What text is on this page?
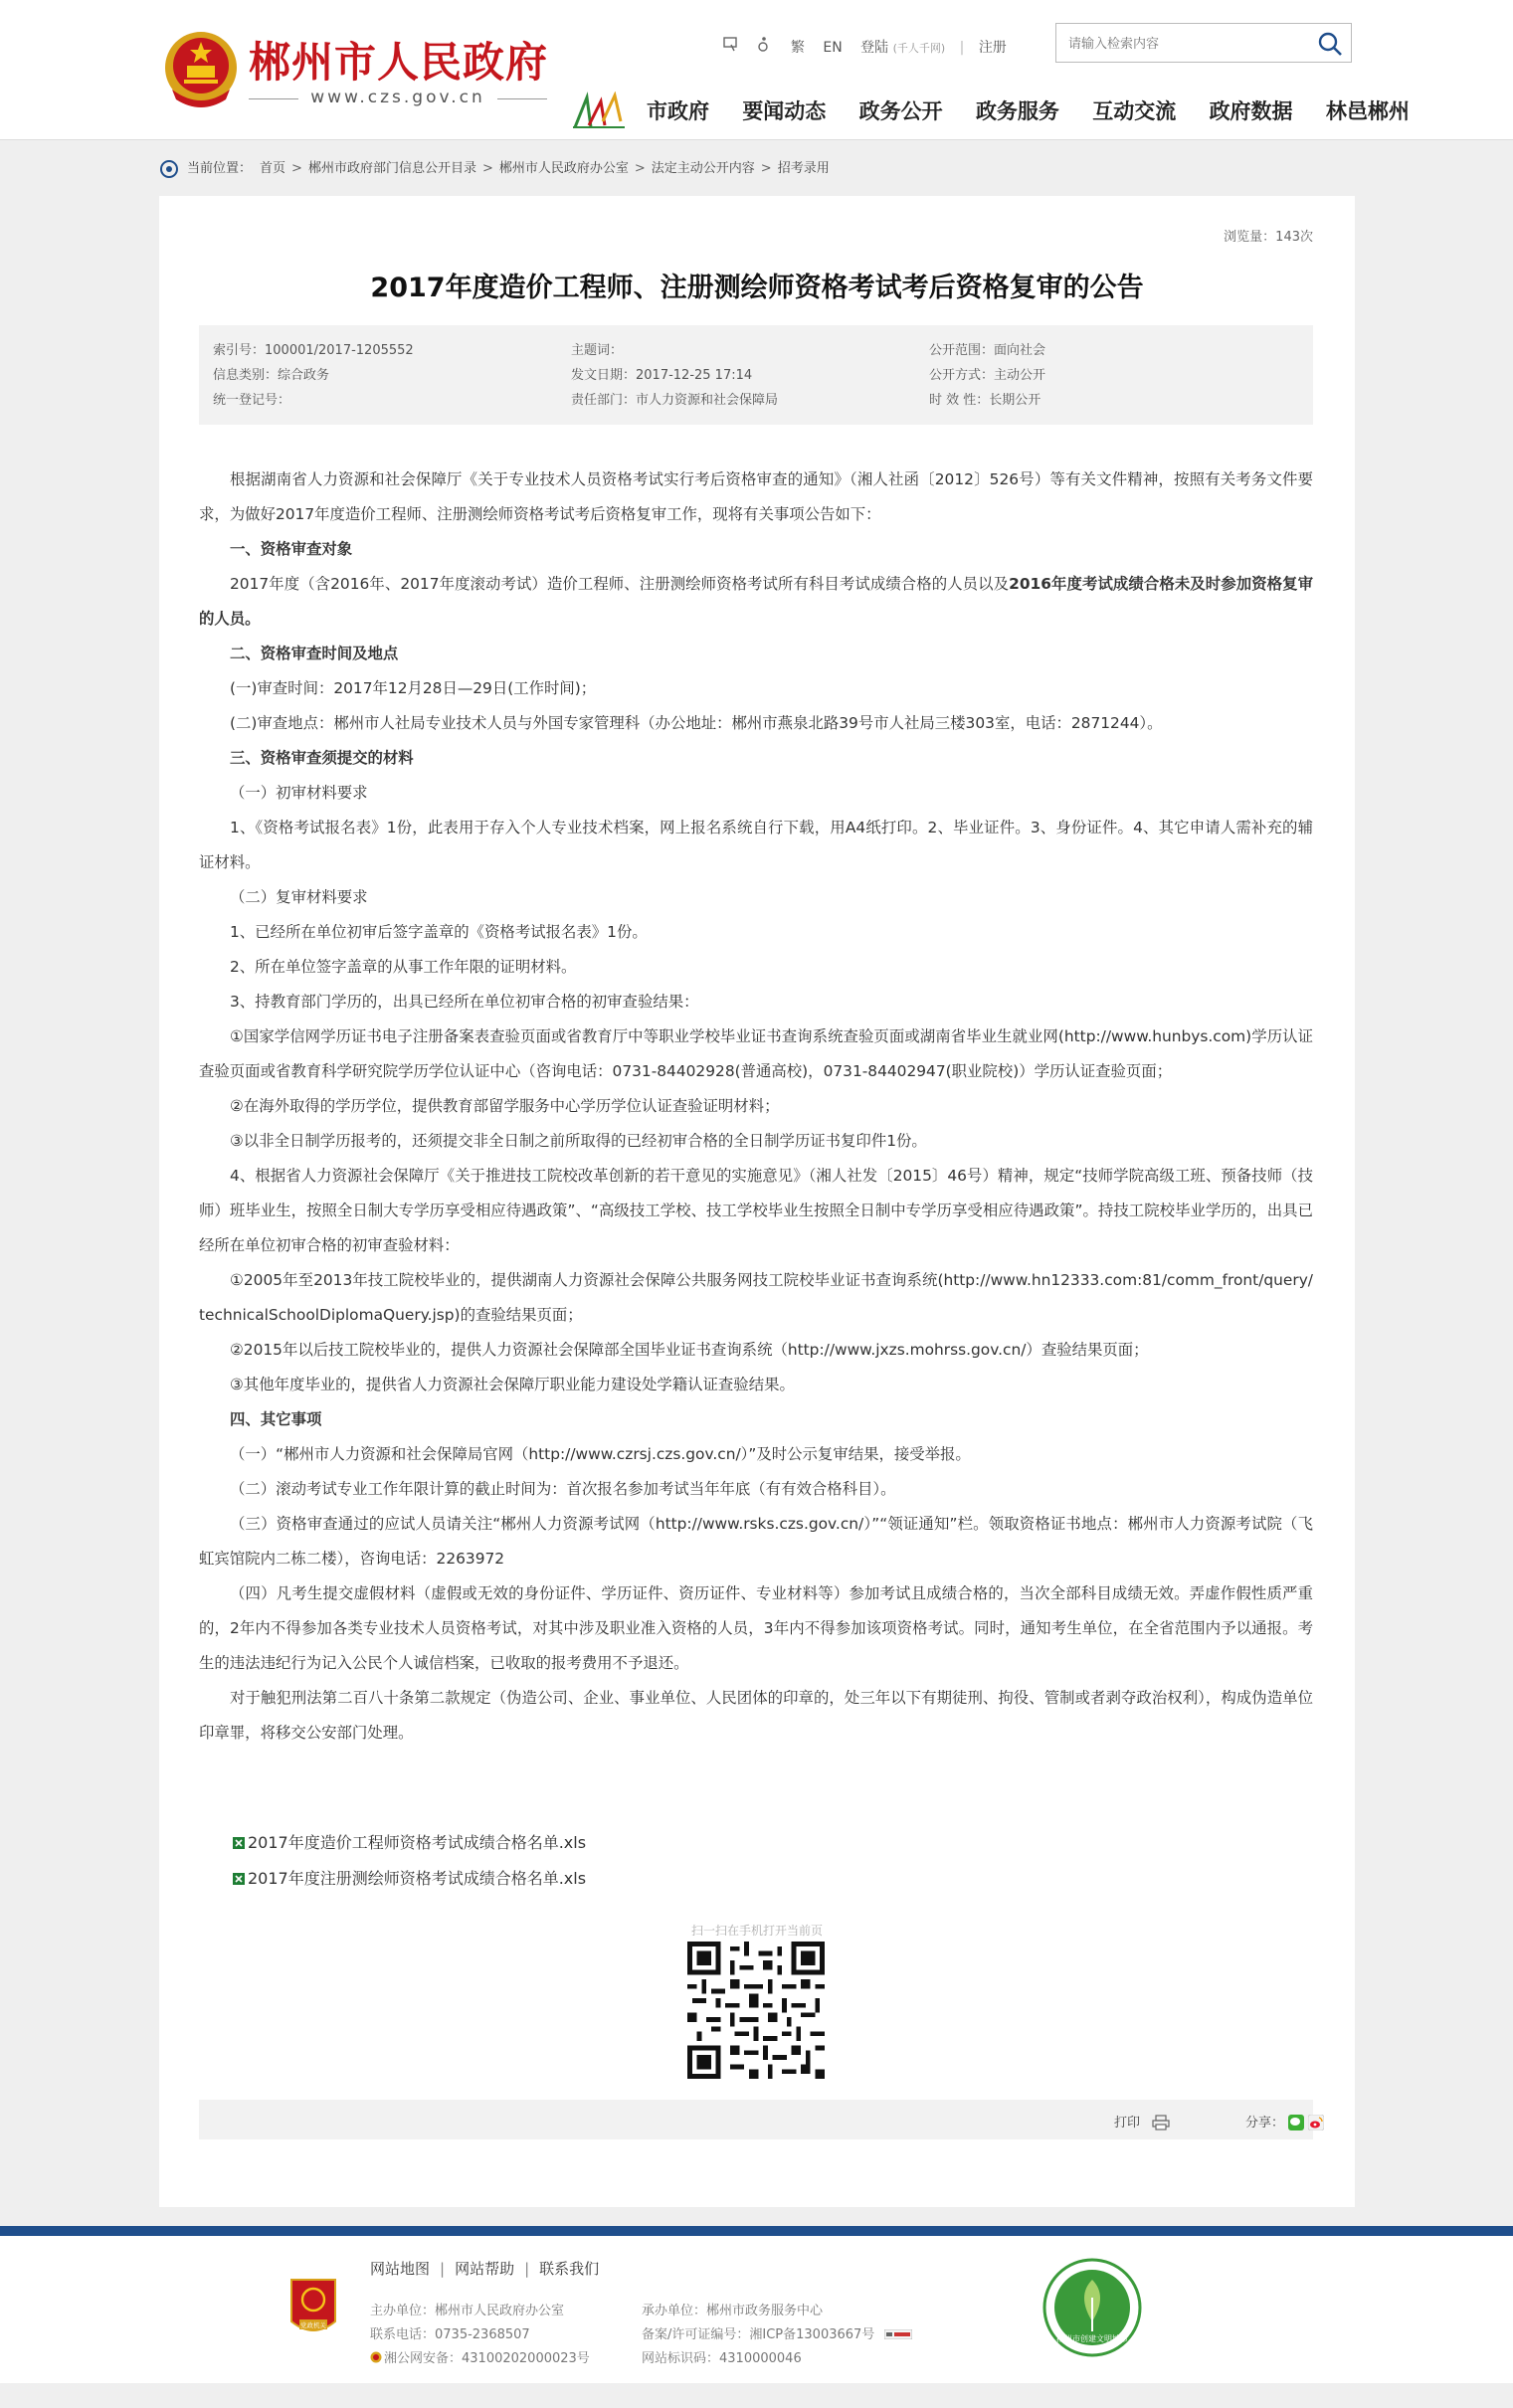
郴州市人民政府
www.czs.gov.cn
繁 EN 登陆 (千人千网) | 注册
请输入检索内容
市政府 要闻动态 政务公开 政务服务 互动交流 政府数据 林邑郴州
当前位置： 首页 > 郴州市政府部门信息公开目录 > 郴州市人民政府办公室 > 法定主动公开内容 > 招考录用
浏览量：143次
2017年度造价工程师、注册测绘师资格考试考后资格复审的公告
索引号：100001/2017-1205552	主题词：	公开范围：面向社会
信息类别：综合政务	发文日期：2017-12-25 17:14	公开方式：主动公开
统一登记号：	责任部门：市人力资源和社会保障局	时 效 性：长期公开

根据湖南省人力资源和社会保障厅《关于专业技术人员资格考试实行考后资格审查的通知》（湘人社函〔2012〕526号）等有关文件精神，按照有关考务文件要求，为做好2017年度造价工程师、注册测绘师资格考试考后资格复审工作，现将有关事项公告如下：

一、资格审查对象

2017年度（含2016年、2017年度滚动考试）造价工程师、注册测绘师资格考试所有科目考试成绩合格的人员以及2016年度考试成绩合格未及时参加资格复审的人员。

二、资格审查时间及地点

(一)审查时间：2017年12月28日—29日(工作时间)；

(二)审查地点：郴州市人社局专业技术人员与外国专家管理科（办公地址：郴州市燕泉北路39号市人社局三楼303室，电话：2871244）。

三、资格审查须提交的材料

（一）初审材料要求

1、《资格考试报名表》1份，此表用于存入个人专业技术档案，网上报名系统自行下载，用A4纸打印。2、毕业证件。3、身份证件。4、其它申请人需补充的辅证材料。

（二）复审材料要求

1、已经所在单位初审后签字盖章的《资格考试报名表》1份。

2、所在单位签字盖章的从事工作年限的证明材料。

3、持教育部门学历的，出具已经所在单位初审合格的初审查验结果：

①国家学信网学历证书电子注册备案表查验页面或省教育厅中等职业学校毕业证书查询系统查验页面或湖南省毕业生就业网(http://www.hunbys.com)学历认证查验页面或省教育科学研究院学历学位认证中心（咨询电话：0731-84402928(普通高校)，0731-84402947(职业院校)）学历认证查验页面；

②在海外取得的学历学位，提供教育部留学服务中心学历学位认证查验证明材料；

③以非全日制学历报考的，还须提交非全日制之前所取得的已经初审合格的全日制学历证书复印件1份。

4、根据省人力资源社会保障厅《关于推进技工院校改革创新的若干意见的实施意见》（湘人社发〔2015〕46号）精神，规定“技师学院高级工班、预备技师（技师）班毕业生，按照全日制大专学历享受相应待遇政策”、“高级技工学校、技工学校毕业生按照全日制中专学历享受相应待遇政策”。持技工院校毕业学历的，出具已经所在单位初审合格的初审查验材料：

①2005年至2013年技工院校毕业的，提供湖南人力资源社会保障公共服务网技工院校毕业证书查询系统(http://www.hn12333.com:81/comm_front/query/technicalSchoolDiplomaQuery.jsp)的查验结果页面；

②2015年以后技工院校毕业的，提供人力资源社会保障部全国毕业证书查询系统（http://www.jxzs.mohrss.gov.cn/）查验结果页面；

③其他年度毕业的，提供省人力资源社会保障厅职业能力建设处学籍认证查验结果。

四、其它事项

（一）“郴州市人力资源和社会保障局官网（http://www.czrsj.czs.gov.cn/）”及时公示复审结果，接受举报。

（二）滚动考试专业工作年限计算的截止时间为：首次报名参加考试当年年底（有有效合格科目）。

（三）资格审查通过的应试人员请关注“郴州人力资源考试网（http://www.rsks.czs.gov.cn/）”“领证通知”栏。领取资格证书地点：郴州市人力资源考试院（飞虹宾馆院内二栋二楼），咨询电话：2263972

（四）凡考生提交虚假材料（虚假或无效的身份证件、学历证件、资历证件、专业材料等）参加考试且成绩合格的，当次全部科目成绩无效。弄虚作假性质严重的，2年内不得参加各类专业技术人员资格考试，对其中涉及职业准入资格的人员，3年内不得参加该项资格考试。同时，通知考生单位，在全省范围内予以通报。考生的违法违纪行为记入公民个人诚信档案，已收取的报考费用不予退还。

对于触犯刑法第二百八十条第二款规定（伪造公司、企业、事业单位、人民团体的印章的，处三年以下有期徒刑、拘役、管制或者剥夺政治权利），构成伪造单位印章罪，将移交公安部门处理。

2017年度造价工程师资格考试成绩合格名单.xls
2017年度注册测绘师资格考试成绩合格名单.xls
扫一扫在手机打开当前页
打印	分享：
党政机关
网站地图 | 网站帮助 | 联系我们
主办单位：郴州市人民政府办公室	承办单位：郴州市政务服务中心
联系电话：0735-2368507	备案/许可证编号：湘ICP备13003667号
湘公网安备：43100202000023号	网站标识码：4310000046
郴州市创建文明城市
